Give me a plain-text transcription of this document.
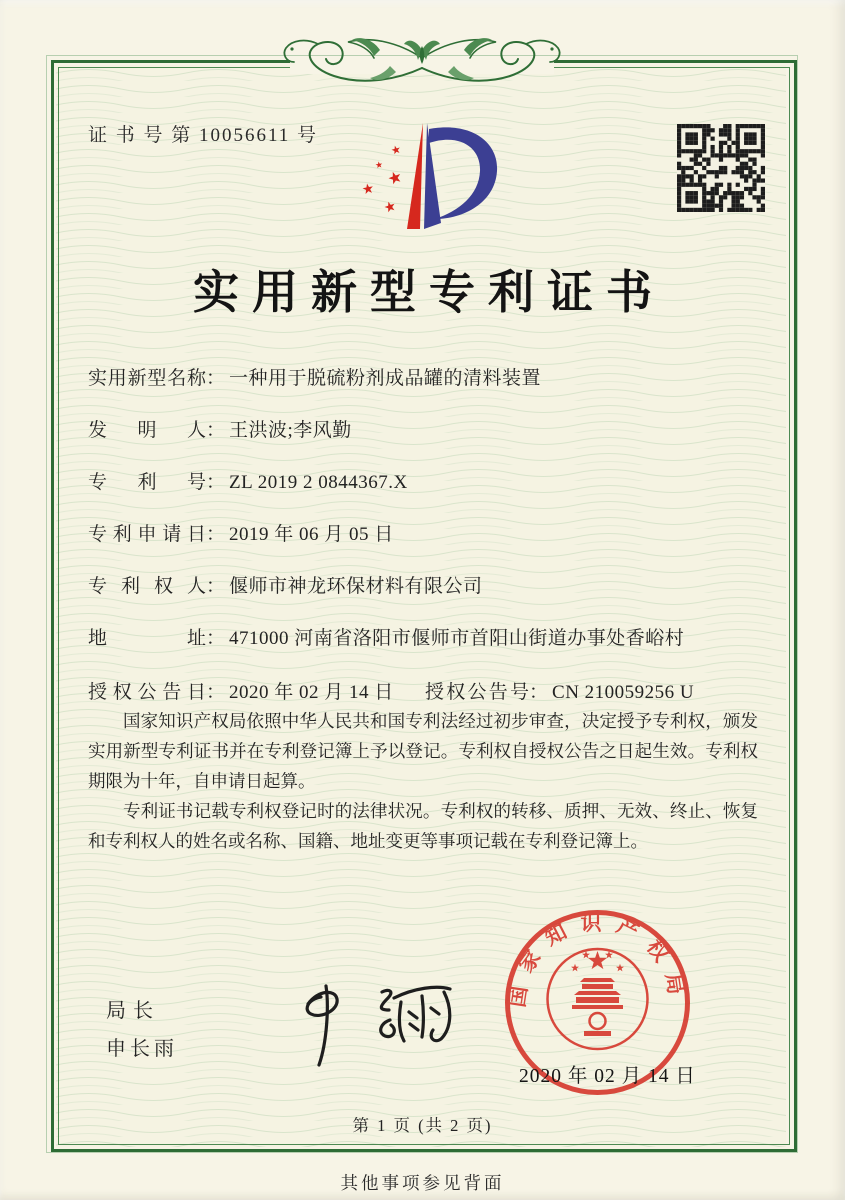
证 书 号 第 10056611 号
实用新型专利证书
实用新型名称： 一种用于脱硫粉剂成品罐的清料装置
发明人： 王洪波;李风勤
专利号： ZL 2019 2 0844367.X
专利申请日： 2019 年 06 月 05 日
专利权人： 偃师市神龙环保材料有限公司
地址： 471000 河南省洛阳市偃师市首阳山街道办事处香峪村
授权公告日： 2020 年 02 月 14 日 授权公告号： CN 210059256 U

国家知识产权局依照中华人民共和国专利法经过初步审查，决定授予专利权，颁发实用新型专利证书并在专利登记簿上予以登记。专利权自授权公告之日起生效。专利权期限为十年，自申请日起算。

专利证书记载专利权登记时的法律状况。专利权的转移、质押、无效、终止、恢复和专利权人的姓名或名称、国籍、地址变更等事项记载在专利登记簿上。

局长
申长雨
国家知识产权局
2020 年 02 月 14 日
第 1 页 (共 2 页)
其他事项参见背面
